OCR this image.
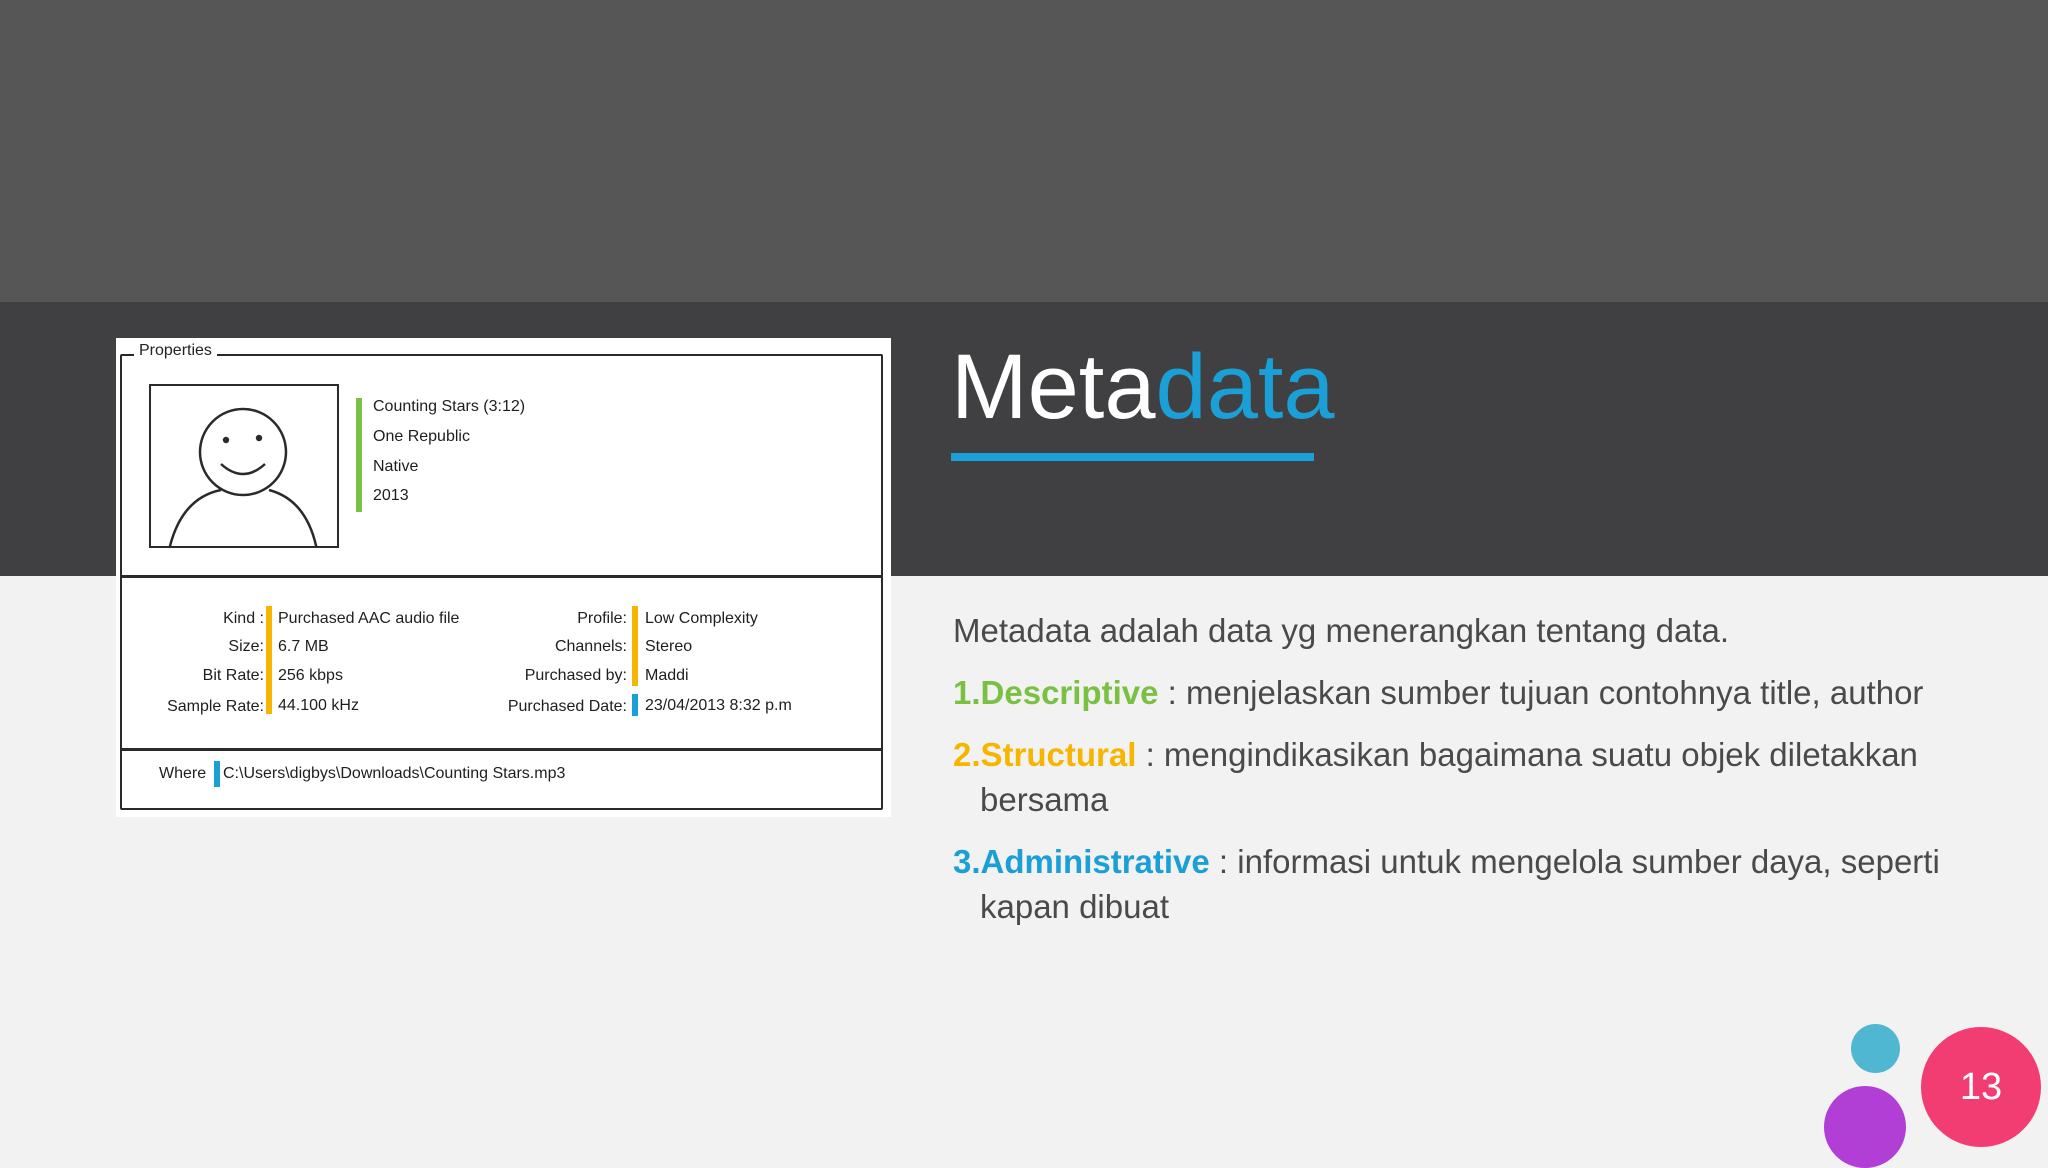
Properties
Counting Stars (3:12)
One Republic
Native
2013
Kind :
Size:
Bit Rate:
Sample Rate:
Purchased AAC audio file
6.7 MB
256 kbps
44.100 kHz
Profile:
Channels:
Purchased by:
Purchased Date:
Low Complexity
Stereo
Maddi
23/04/2013 8:32 p.m
Where C:\Users\digbys\Downloads\Counting Stars.mp3
Metadata
Metadata adalah data yg menerangkan tentang data.
1.Descriptive : menjelaskan sumber tujuan contohnya title, author
2.Structural : mengindikasikan bagaimana suatu objek diletakkan
bersama
3.Administrative : informasi untuk mengelola sumber daya, seperti
kapan dibuat
13
